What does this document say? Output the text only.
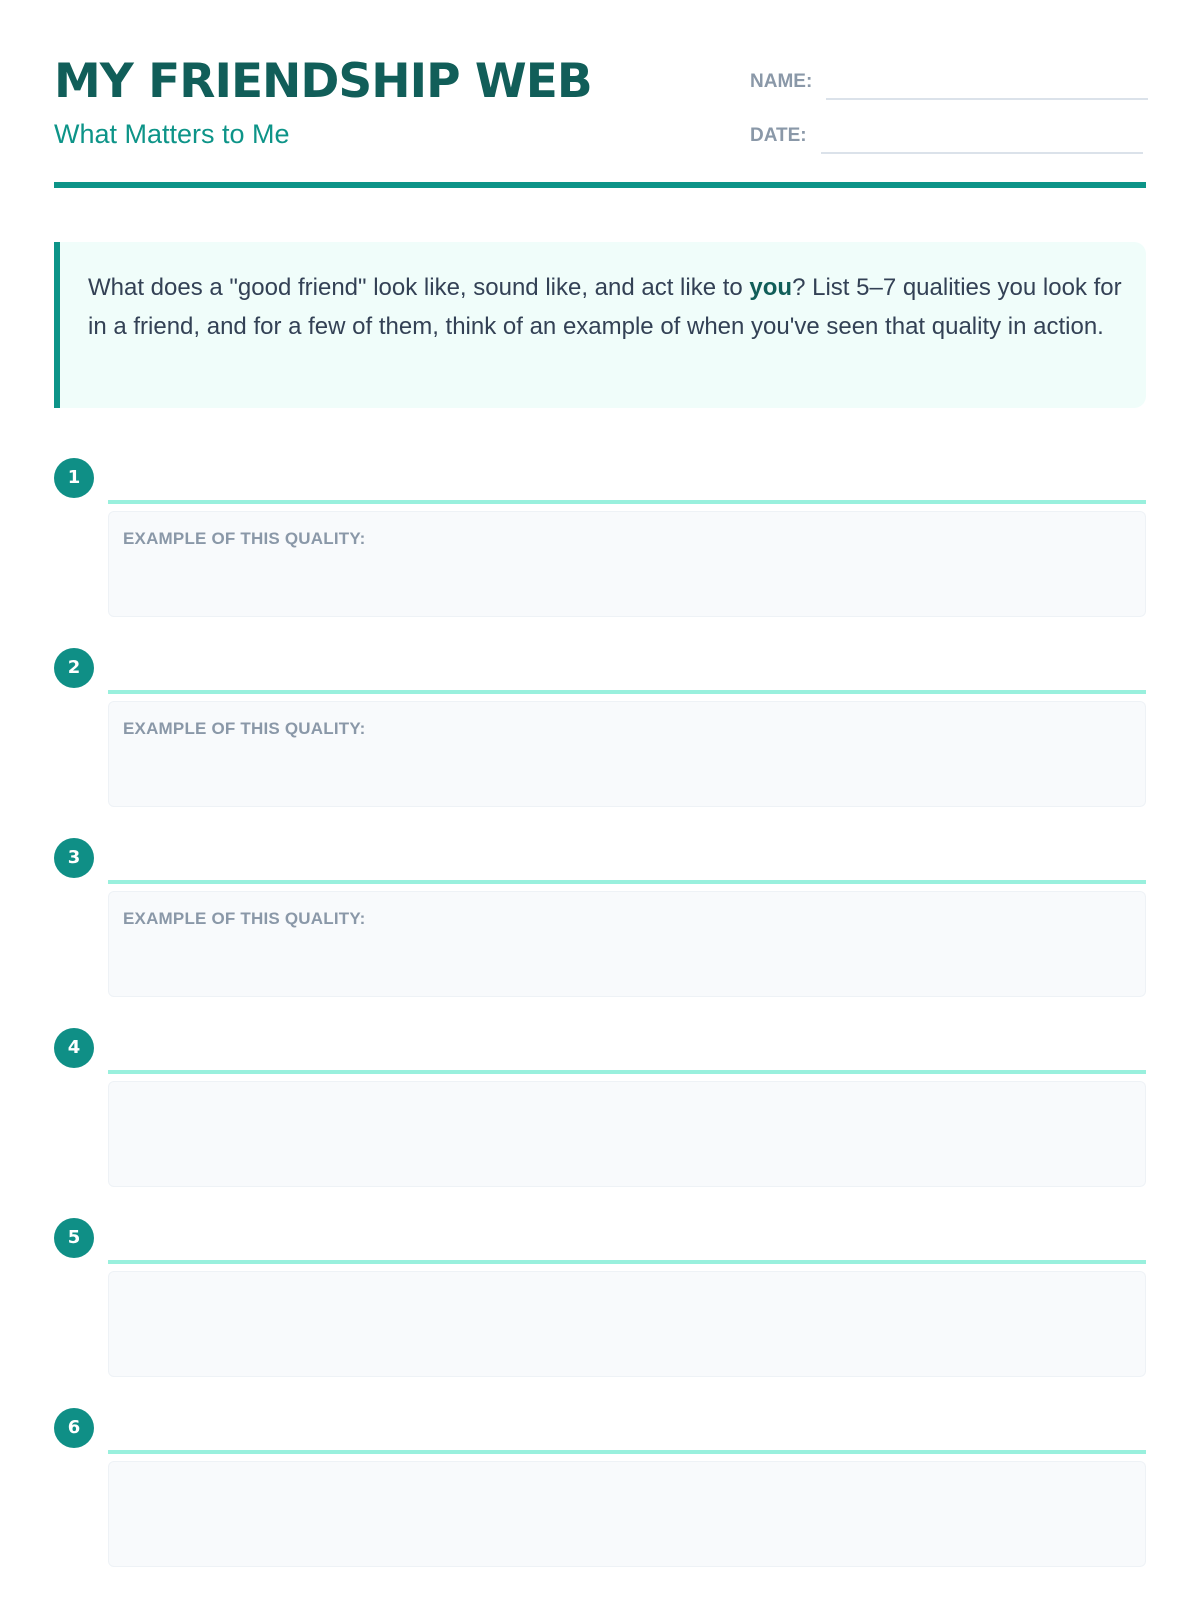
MY FRIENDSHIP WEB
What Matters to Me
NAME:
DATE:

What does a "good friend" look like, sound like, and act like to you? List 5–7 qualities you look for in a friend, and for a few of them, think of an example of when you've seen that quality in action.

1
EXAMPLE OF THIS QUALITY:
2
EXAMPLE OF THIS QUALITY:
3
EXAMPLE OF THIS QUALITY:
4
5
6
